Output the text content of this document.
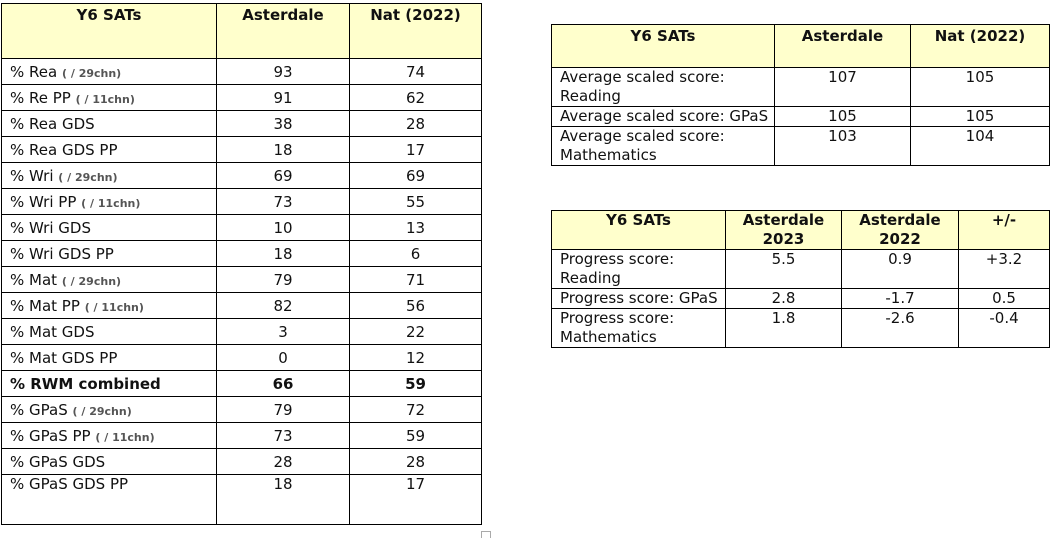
Y6 SATs	Asterdale	Nat (2022)
% Rea ( / 29chn)	93	74
% Re PP ( / 11chn)	91	62
% Rea GDS	38	28
% Rea GDS PP	18	17
% Wri ( / 29chn)	69	69
% Wri PP ( / 11chn)	73	55
% Wri GDS	10	13
% Wri GDS PP	18	6
% Mat ( / 29chn)	79	71
% Mat PP ( / 11chn)	82	56
% Mat GDS	3	22
% Mat GDS PP	0	12
% RWM combined	66	59
% GPaS ( / 29chn)	79	72
% GPaS PP ( / 11chn)	73	59
% GPaS GDS	28	28
% GPaS GDS PP	18	17
Y6 SATs	Asterdale	Nat (2022)
Average scaled score: Reading	107	105
Average scaled score: GPaS	105	105
Average scaled score: Mathematics	103	104
Y6 SATs	Asterdale 2023	Asterdale 2022	+/-
Progress score: Reading	5.5	0.9	+3.2
Progress score: GPaS	2.8	-1.7	0.5
Progress score: Mathematics	1.8	-2.6	-0.4
